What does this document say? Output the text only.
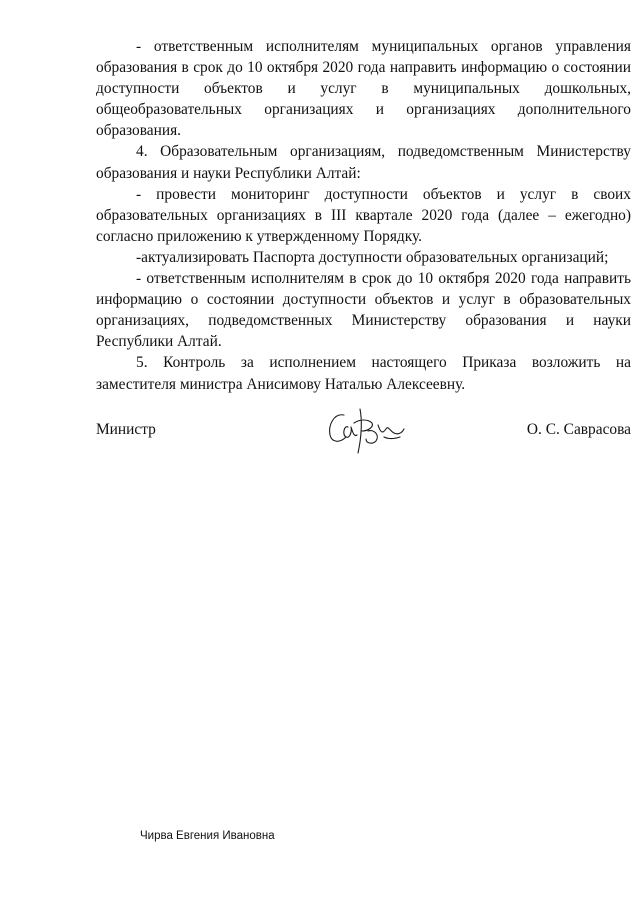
- ответственным исполнителям муниципальных органов управления образования в срок до 10 октября 2020 года направить информацию о состоянии доступности объектов и услуг в муниципальных дошкольных, общеобразовательных организациях и организациях дополнительного образования.

4. Образовательным организациям, подведомственным Министерству образования и науки Республики Алтай:

- провести мониторинг доступности объектов и услуг в своих образовательных организациях в III квартале 2020 года (далее – ежегодно) согласно приложению к утвержденному Порядку.

-актуализировать Паспорта доступности образовательных организаций;

- ответственным исполнителям в срок до 10 октября 2020 года направить информацию о состоянии доступности объектов и услуг в образовательных организациях, подведомственных Министерству образования и науки Республики Алтай.

5. Контроль за исполнением настоящего Приказа возложить на заместителя министра Анисимову Наталью Алексеевну.

Министр	О. С. Саврасова
Чирва Евгения Ивановна
